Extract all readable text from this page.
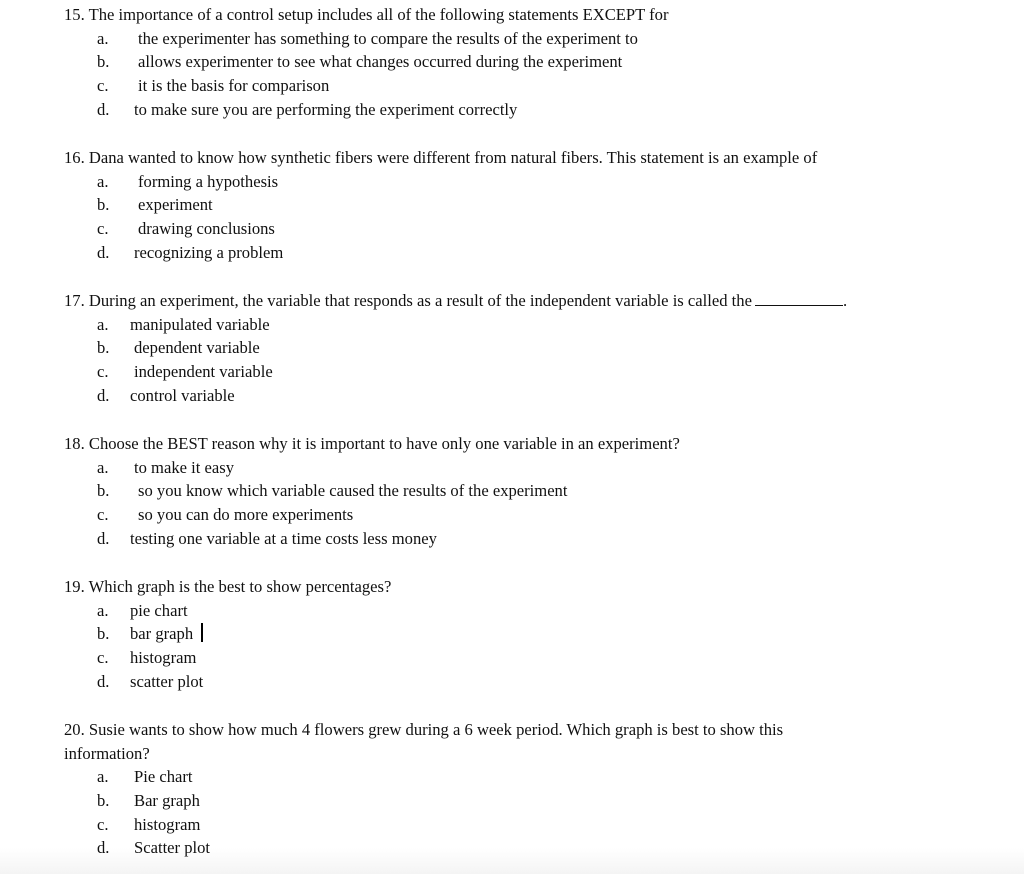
15. The importance of a control setup includes all of the following statements EXCEPT for
a.	the experimenter has something to compare the results of the experiment to
b.	allows experimenter to see what changes occurred during the experiment
c.	it is the basis for comparison
d.	to make sure you are performing the experiment correctly
16. Dana wanted to know how synthetic fibers were different from natural fibers. This statement is an example of
a.	forming a hypothesis
b.	experiment
c.	drawing conclusions
d.	recognizing a problem
17. During an experiment, the variable that responds as a result of the independent variable is called the	.
a.	manipulated variable
b.	dependent variable
c.	independent variable
d.	control variable
18. Choose the BEST reason why it is important to have only one variable in an experiment?
a.	to make it easy
b.	so you know which variable caused the results of the experiment
c.	so you can do more experiments
d.	testing one variable at a time costs less money
19. Which graph is the best to show percentages?
a.	pie chart
b.	bar graph
c.	histogram
d.	scatter plot
20. Susie wants to show how much 4 flowers grew during a 6 week period. Which graph is best to show this information?
a.	Pie chart
b.	Bar graph
c.	histogram
d.	Scatter plot
